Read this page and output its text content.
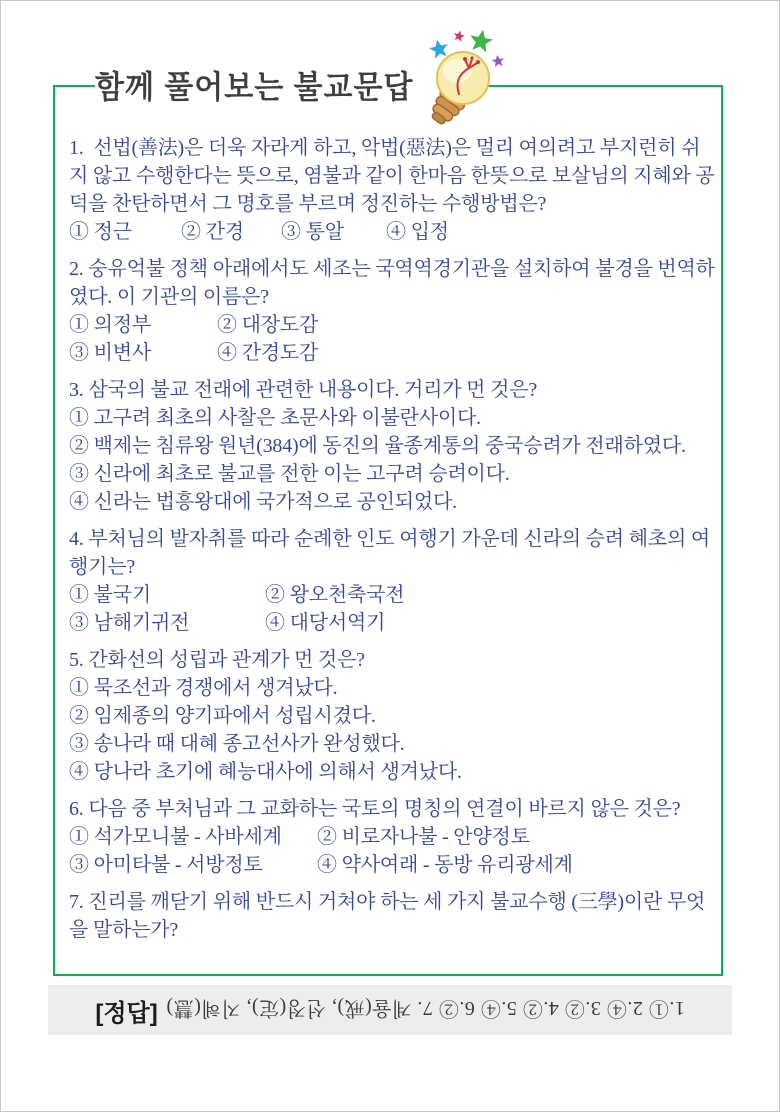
함께 풀어보는 불교문답

1.  선법(善法)은 더욱 자라게 하고, 악법(惡法)은 멀리 여의려고 부지런히 쉬지 않고 수행한다는 뜻으로, 염불과 같이 한마음 한뜻으로 보살님의 지혜와 공덕을 찬탄하면서 그 명호를 부르며 정진하는 수행방법은?

① 정근	② 간경	③ 통알	④ 입정

2. 숭유억불 정책 아래에서도 세조는 국역역경기관을 설치하여 불경을 번역하였다. 이 기관의 이름은?

① 의정부	② 대장도감
③ 비변사	④ 간경도감

3. 삼국의 불교 전래에 관련한 내용이다. 거리가 먼 것은?

① 고구려 최초의 사찰은 초문사와 이불란사이다.
② 백제는 침류왕 원년(384)에 동진의 율종계통의 중국승려가 전래하였다.
③ 신라에 최초로 불교를 전한 이는 고구려 승려이다.
④ 신라는 법흥왕대에 국가적으로 공인되었다.

4. 부처님의 발자취를 따라 순례한 인도 여행기 가운데 신라의 승려 혜초의 여행기는?

① 불국기	② 왕오천축국전
③ 남해기귀전	④ 대당서역기

5. 간화선의 성립과 관계가 먼 것은?

① 묵조선과 경쟁에서 생겨났다.
② 임제종의 양기파에서 성립시겼다.
③ 송나라 때 대혜 종고선사가 완성했다.
④ 당나라 초기에 혜능대사에 의해서 생겨났다.

6. 다음 중 부처님과 그 교화하는 국토의 명칭의 연결이 바르지 않은 것은?

① 석가모니불 - 사바세계	② 비로자나불 - 안양정토
③ 아미타불 - 서방정토	④ 약사여래 - 동방 유리광세계

7. 진리를 깨닫기 위해 반드시 거쳐야 하는 세 가지 불교수행 (三學)이란 무엇을 말하는가?

[정답] 1.① 2.④ 3.② 4.② 5.④ 6.② 7. 계율(戒), 선정(定), 지혜(慧)
